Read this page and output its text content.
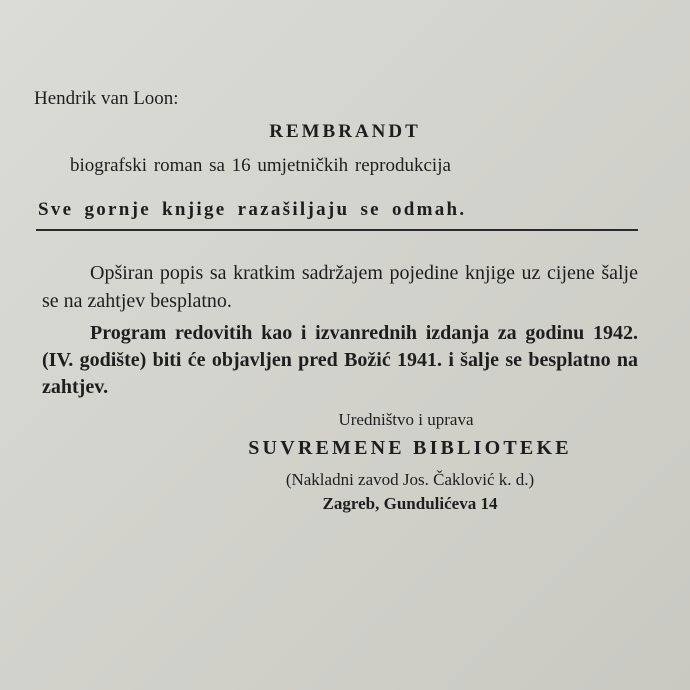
Hendrik van Loon:
REMBRANDT
biografski roman sa 16 umjetničkih reprodukcija
Sve gornje knjige razašiljaju se odmah.
Opširan popis sa kratkim sadržajem pojedine knjige uz cijene šalje se na zahtjev besplatno.
Program redovitih kao i izvanrednih izdanja za godinu 1942. (IV. godište) biti će objavljen pred Božić 1941. i šalje se besplatno na zahtjev.
Uredništvo i uprava
SUVREMENE BIBLIOTEKE
(Nakladni zavod Jos. Čaklović k. d.)
Zagreb, Gundulićeva 14
